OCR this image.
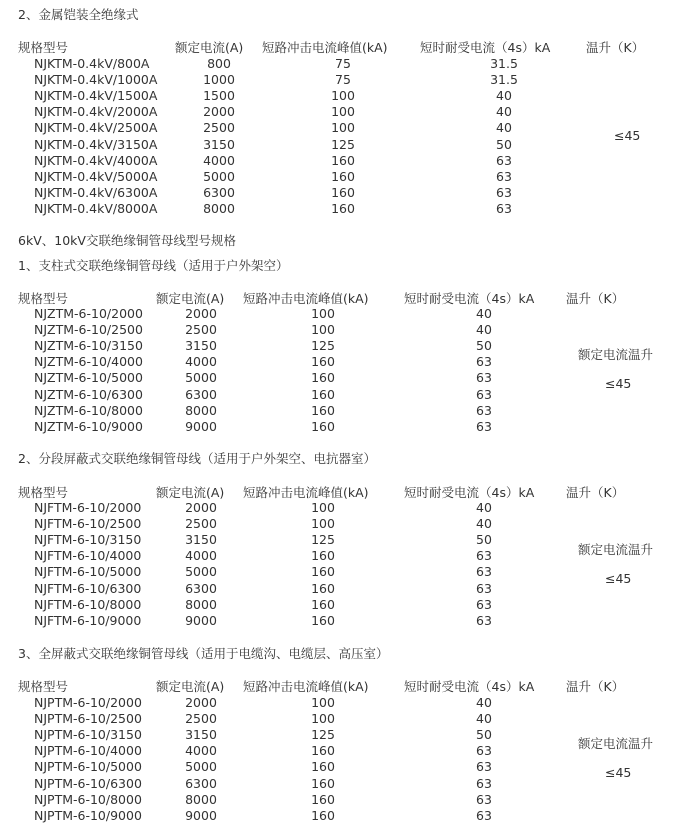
2、金属铠装全绝缘式
规格型号	额定电流(A) 短路冲击电流峰值(kA)	短时耐受电流（4s）kA	温升（K）
NJKTM-0.4kV/800A	800	75	31.5
NJKTM-0.4kV/1000A	1000	75	31.5
NJKTM-0.4kV/1500A	1500	100	40
NJKTM-0.4kV/2000A	2000	100	40
NJKTM-0.4kV/2500A	2500	100	40
NJKTM-0.4kV/3150A	3150	125	50
NJKTM-0.4kV/4000A	4000	160	63
NJKTM-0.4kV/5000A	5000	160	63
NJKTM-0.4kV/6300A	6300	160	63
NJKTM-0.4kV/8000A	8000	160	63
≤45
6kV、10kV交联绝缘铜管母线型号规格
1、支柱式交联绝缘铜管母线（适用于户外架空）
规格型号	额定电流(A) 短路冲击电流峰值(kA)	短时耐受电流（4s）kA	温升（K）
NJZTM-6-10/2000	2000	100	40
NJZTM-6-10/2500	2500	100	40
NJZTM-6-10/3150	3150	125	50
NJZTM-6-10/4000	4000	160	63
NJZTM-6-10/5000	5000	160	63
NJZTM-6-10/6300	6300	160	63
NJZTM-6-10/8000	8000	160	63
NJZTM-6-10/9000	9000	160	63
额定电流温升
≤45
2、分段屏蔽式交联绝缘铜管母线（适用于户外架空、电抗器室）
规格型号	额定电流(A) 短路冲击电流峰值(kA)	短时耐受电流（4s）kA	温升（K）
NJFTM-6-10/2000	2000	100	40
NJFTM-6-10/2500	2500	100	40
NJFTM-6-10/3150	3150	125	50
NJFTM-6-10/4000	4000	160	63
NJFTM-6-10/5000	5000	160	63
NJFTM-6-10/6300	6300	160	63
NJFTM-6-10/8000	8000	160	63
NJFTM-6-10/9000	9000	160	63
额定电流温升
≤45
3、全屏蔽式交联绝缘铜管母线（适用于电缆沟、电缆层、高压室）
规格型号	额定电流(A) 短路冲击电流峰值(kA)	短时耐受电流（4s）kA	温升（K）
NJPTM-6-10/2000	2000	100	40
NJPTM-6-10/2500	2500	100	40
NJPTM-6-10/3150	3150	125	50
NJPTM-6-10/4000	4000	160	63
NJPTM-6-10/5000	5000	160	63
NJPTM-6-10/6300	6300	160	63
NJPTM-6-10/8000	8000	160	63
NJPTM-6-10/9000	9000	160	63
额定电流温升
≤45
